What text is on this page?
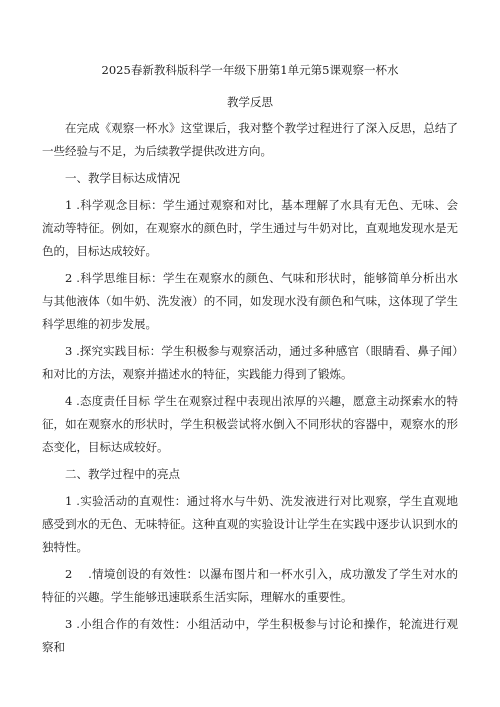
2025春新教科版科学一年级下册第1单元第5课观察一杯水
教学反思

在完成《观察一杯水》这堂课后，我对整个教学过程进行了深入反思，总结了一些经验与不足，为后续教学提供改进方向。

一、教学目标达成情况

1 .科学观念目标：学生通过观察和对比，基本理解了水具有无色、无味、会流动等特征。例如，在观察水的颜色时，学生通过与牛奶对比，直观地发现水是无色的，目标达成较好。

2 .科学思维目标：学生在观察水的颜色、气味和形状时，能够简单分析出水与其他液体（如牛奶、洗发液）的不同，如发现水没有颜色和气味，这体现了学生科学思维的初步发展。

3 .探究实践目标：学生积极参与观察活动，通过多种感官（眼睛看、鼻子闻）和对比的方法，观察并描述水的特征，实践能力得到了锻炼。

4 .态度责任目标 学生在观察过程中表现出浓厚的兴趣，愿意主动探索水的特征，如在观察水的形状时，学生积极尝试将水倒入不同形状的容器中，观察水的形态变化，目标达成较好。

二、教学过程中的亮点

1 .实验活动的直观性：通过将水与牛奶、洗发液进行对比观察，学生直观地感受到水的无色、无味特征。这种直观的实验设计让学生在实践中逐步认识到水的独特性。

2 　.情境创设的有效性：以瀑布图片和一杯水引入，成功激发了学生对水的特征的兴趣。学生能够迅速联系生活实际，理解水的重要性。

3 .小组合作的有效性：小组活动中，学生积极参与讨论和操作，轮流进行观察和
